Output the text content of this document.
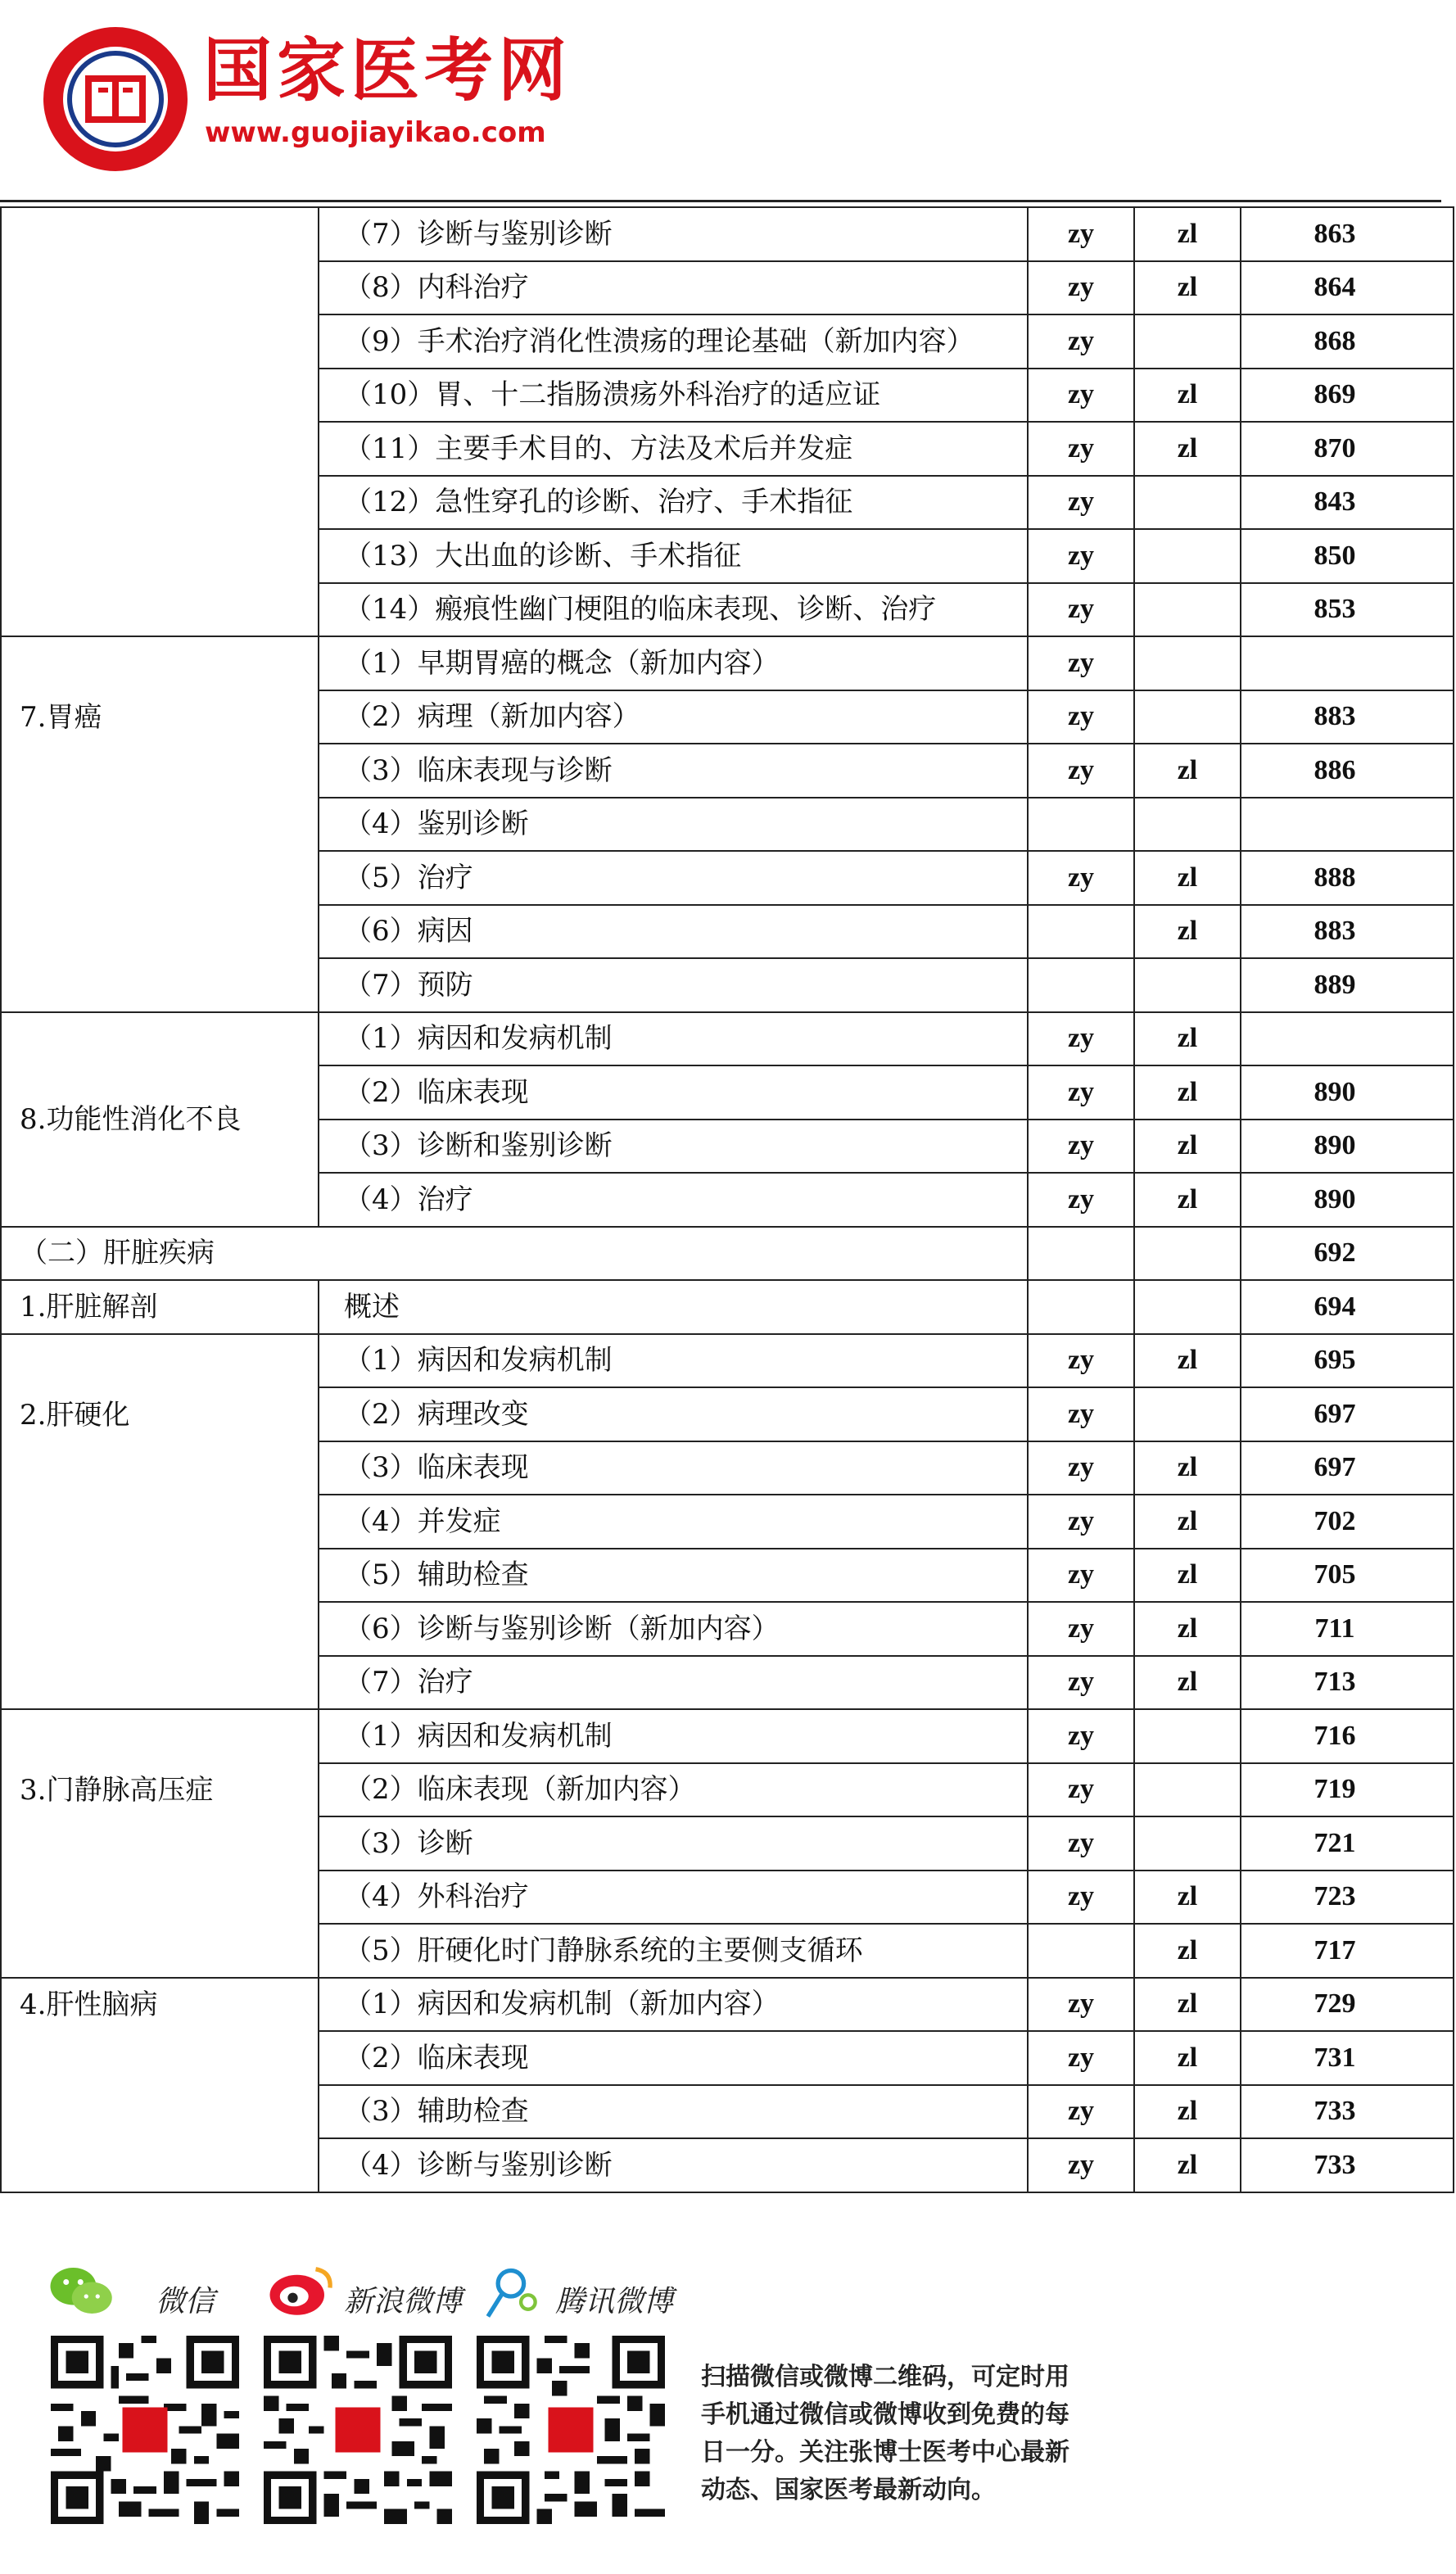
国家医考网
www.guojiayikao.com
	（7）诊断与鉴别诊断	zy	zl	863
	（8）内科治疗	zy	zl	864
	（9）手术治疗消化性溃疡的理论基础（新加内容）	zy		868
	（10）胃、十二指肠溃疡外科治疗的适应证	zy	zl	869
	（11）主要手术目的、方法及术后并发症	zy	zl	870
	（12）急性穿孔的诊断、治疗、手术指征	zy		843
	（13）大出血的诊断、手术指征	zy		850
	（14）瘢痕性幽门梗阻的临床表现、诊断、治疗	zy		853
7.胃癌	（1）早期胃癌的概念（新加内容）	zy		
	（2）病理（新加内容）	zy		883
	（3）临床表现与诊断	zy	zl	886
	（4）鉴别诊断			
	（5）治疗	zy	zl	888
	（6）病因		zl	883
	（7）预防			889
8.功能性消化不良	（1）病因和发病机制	zy	zl	
	（2）临床表现	zy	zl	890
	（3）诊断和鉴别诊断	zy	zl	890
	（4）治疗	zy	zl	890
（二）肝脏疾病				692
1.肝脏解剖	概述			694
2.肝硬化	（1）病因和发病机制	zy	zl	695
	（2）病理改变	zy		697
	（3）临床表现	zy	zl	697
	（4）并发症	zy	zl	702
	（5）辅助检查	zy	zl	705
	（6）诊断与鉴别诊断（新加内容）	zy	zl	711
	（7）治疗	zy	zl	713
3.门静脉高压症	（1）病因和发病机制	zy		716
	（2）临床表现（新加内容）	zy		719
	（3）诊断	zy		721
	（4）外科治疗	zy	zl	723
	（5）肝硬化时门静脉系统的主要侧支循环		zl	717
4.肝性脑病	（1）病因和发病机制（新加内容）	zy	zl	729
	（2）临床表现	zy	zl	731
	（3）辅助检查	zy	zl	733
	（4）诊断与鉴别诊断	zy	zl	733
微信	新浪微博	腾讯微博
扫描微信或微博二维码，可定时用
手机通过微信或微博收到免费的每
日一分。关注张博士医考中心最新
动态、国家医考最新动向。
